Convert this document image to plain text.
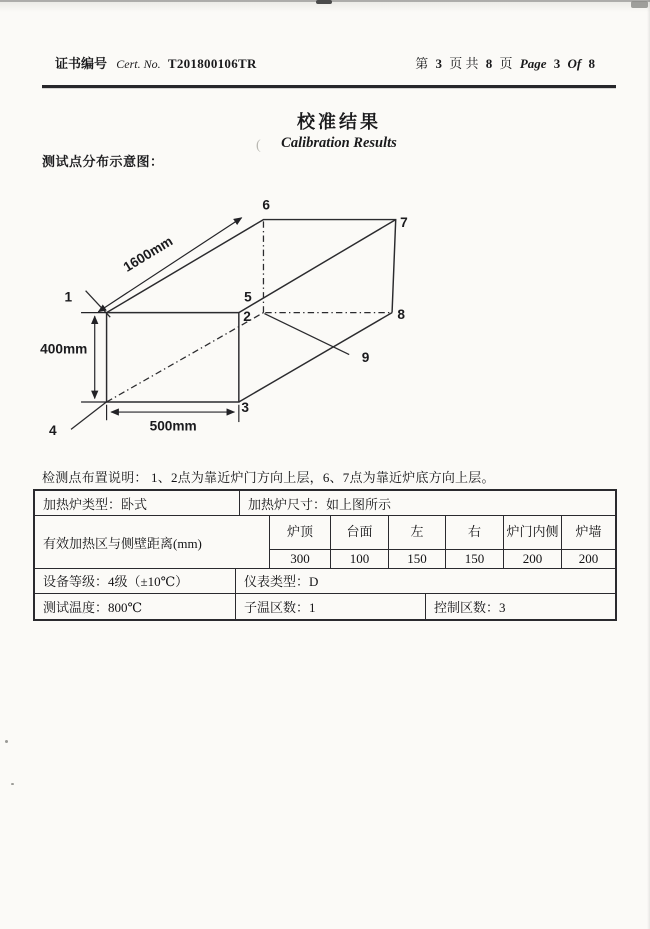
(
证书编号 Cert. No. T201800106TR	第 3 页 共 8 页 Page 3 Of 8
校准结果
Calibration Results
测试点分布示意图：
1
2
3
4
5
6
7
8
9
1600mm
400mm
500mm
检测点布置说明： 1、2点为靠近炉门方向上层，6、7点为靠近炉底方向上层。
加热炉类型：卧式	加热炉尺寸：如上图所示
有效加热区与侧壁距离(mm)
炉顶	台面	左	右	炉门内侧	炉墙
300	100	150	150	200	200
设备等级：4级（±10℃）	仪表类型：D
测试温度：800℃	子温区数：1	控制区数：3
